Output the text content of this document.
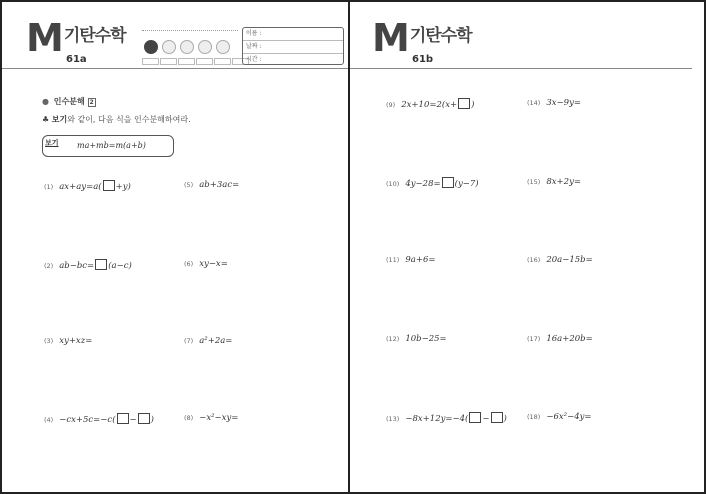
M 기탄수학
61a
이름 :
날짜 :
시간 :
● 인수분해 2
♣ 보기와 같이, 다음 식을 인수분해하여라.
보기 ma+mb=m(a+b)
(1) ax+ay=a( +y)	(5) ab+3ac=
(2) ab−bc= (a−c)	(6) xy−x=
(3) xy+xz=	(7) a²+2a=
(4) −cx+5c=−c( − )	(8) −x²−xy=
M 기탄수학
61b
(9) 2x+10=2(x+ )	(14) 3x−9y=
(10) 4y−28= (y−7)	(15) 8x+2y=
(11) 9a+6=	(16) 20a−15b=
(12) 10b−25=	(17) 16a+20b=
(13) −8x+12y=−4( − )	(18) −6x²−4y=
